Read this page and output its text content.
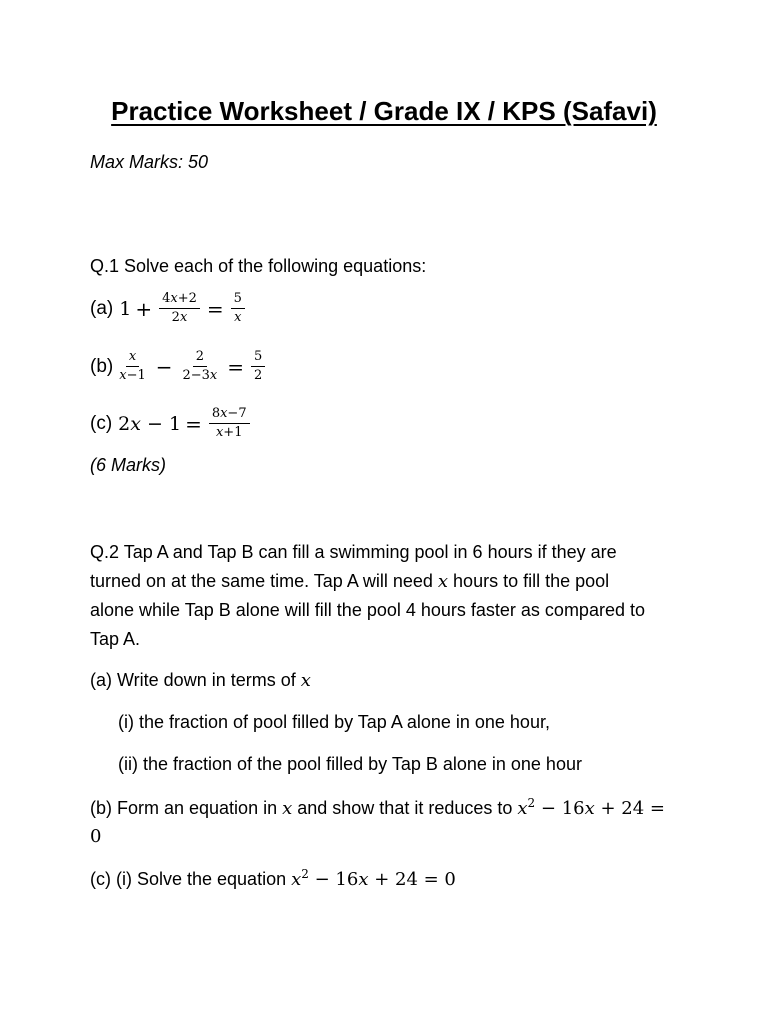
Practice Worksheet / Grade IX / KPS (Safavi)
Max Marks: 50
Q.1 Solve each of the following equations:
(a) $1 + \frac{\text{4𝑥+2}}{\text{2𝑥}} = \frac{5}{\text{𝑥}}$
$(b) \frac{\text{𝑥}}{\text{𝑥−1}} - \frac{2}{\text{2−3𝑥}} = \frac{5}{2}$
(c) 2𝑥 − $1 = \frac{\text{8𝑥−7}}{\text{𝑥+1}}$
(6 Marks)
Q.2 Tap A and Tap B can fill a swimming pool in 6 hours if they are
turned on at the same time. Tap A will need 𝑥 hours to fill the pool
alone while Tap B alone will fill the pool 4 hours faster as compared to
Tap A.
(a) Write down in terms of 𝑥
(i) the fraction of pool filled by Tap A alone in one hour,
(ii) the fraction of the pool filled by Tap B alone in one hour
(b) Form an equation in 𝑥 and show that it reduces to 𝑥$^2$ − 16𝑥 + 24 =
0
(c) (i) Solve the equation 𝑥$^2$ − 16𝑥 + 24 = 0
